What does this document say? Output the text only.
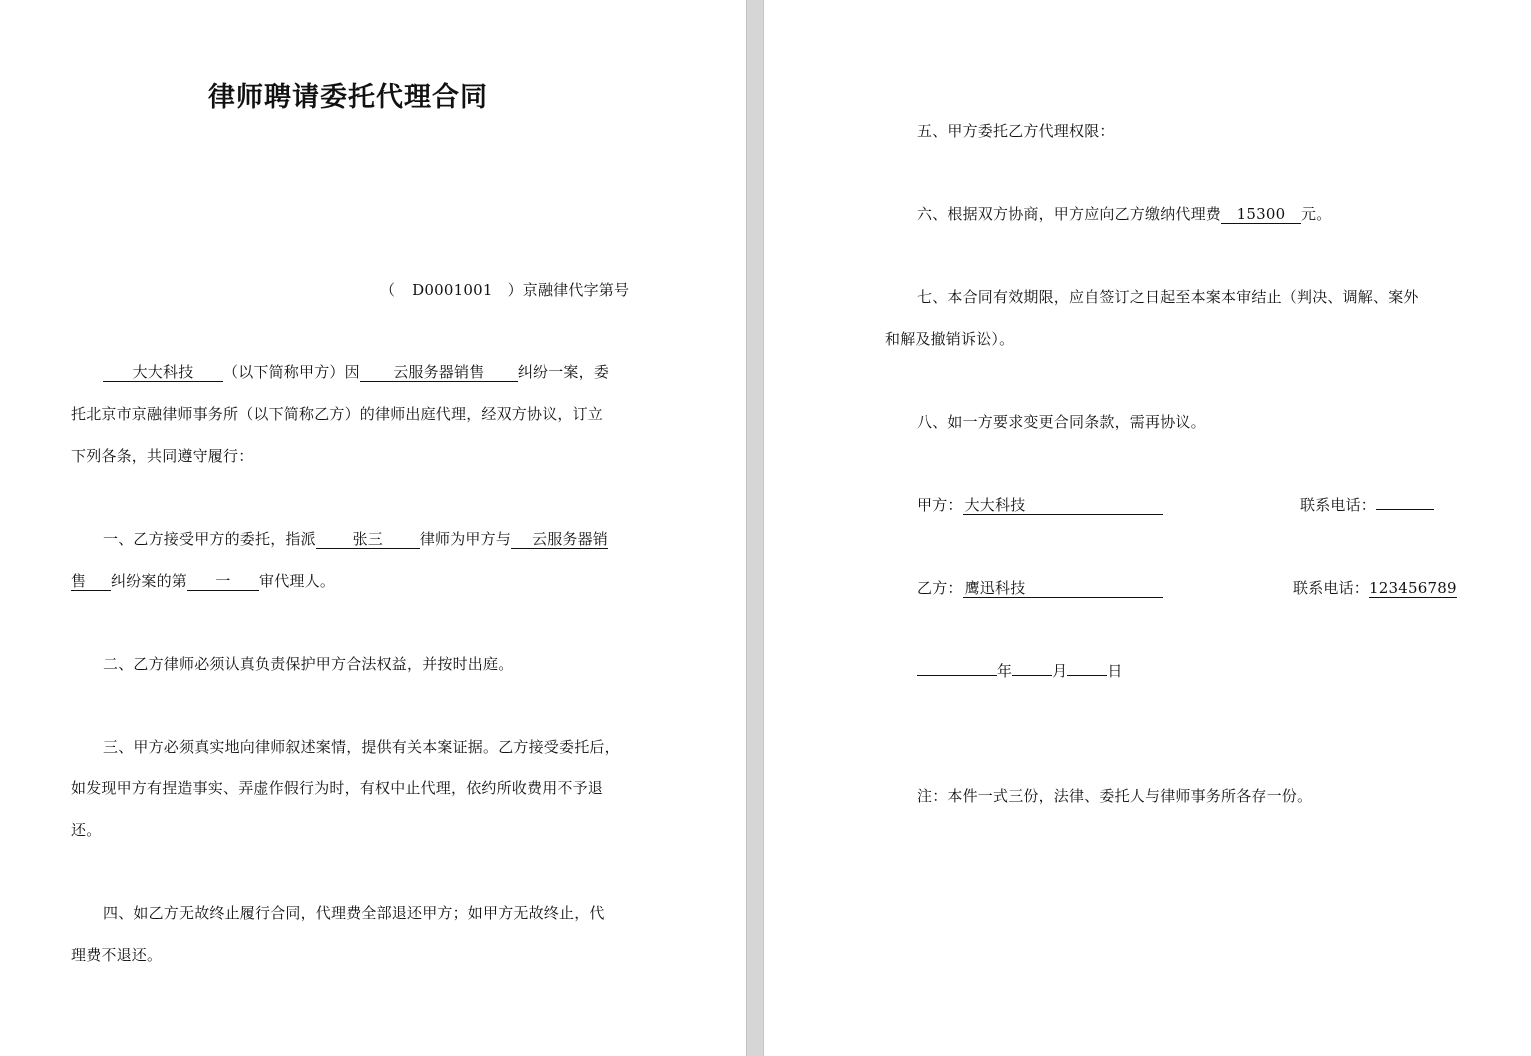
律师聘请委托代理合同
（ D0001001 ）京融律代字第号
大大科技 （以下简称甲方）因 云服务器销售 纠纷一案，委
托北京市京融律师事务所（以下简称乙方）的律师出庭代理，经双方协议，订立
下列各条，共同遵守履行：
一、乙方接受甲方的委托，指派 张三 律师为甲方与 云服务器销
售 纠纷案的第 一 审代理人。
二、乙方律师必须认真负责保护甲方合法权益，并按时出庭。
三、甲方必须真实地向律师叙述案情，提供有关本案证据。乙方接受委托后，
如发现甲方有捏造事实、弄虚作假行为时，有权中止代理，依约所收费用不予退
还。
四、如乙方无故终止履行合同，代理费全部退还甲方；如甲方无故终止，代
理费不退还。
五、甲方委托乙方代理权限：
六、根据双方协商，甲方应向乙方缴纳代理费 15300 元。
七、本合同有效期限，应自签订之日起至本案本审结止（判决、调解、案外
和解及撤销诉讼）。
八、如一方要求变更合同条款，需再协议。
甲方： 大大科技	联系电话：
乙方： 鹰迅科技	联系电话：123456789
年	月	日
注：本件一式三份，法律、委托人与律师事务所各存一份。
